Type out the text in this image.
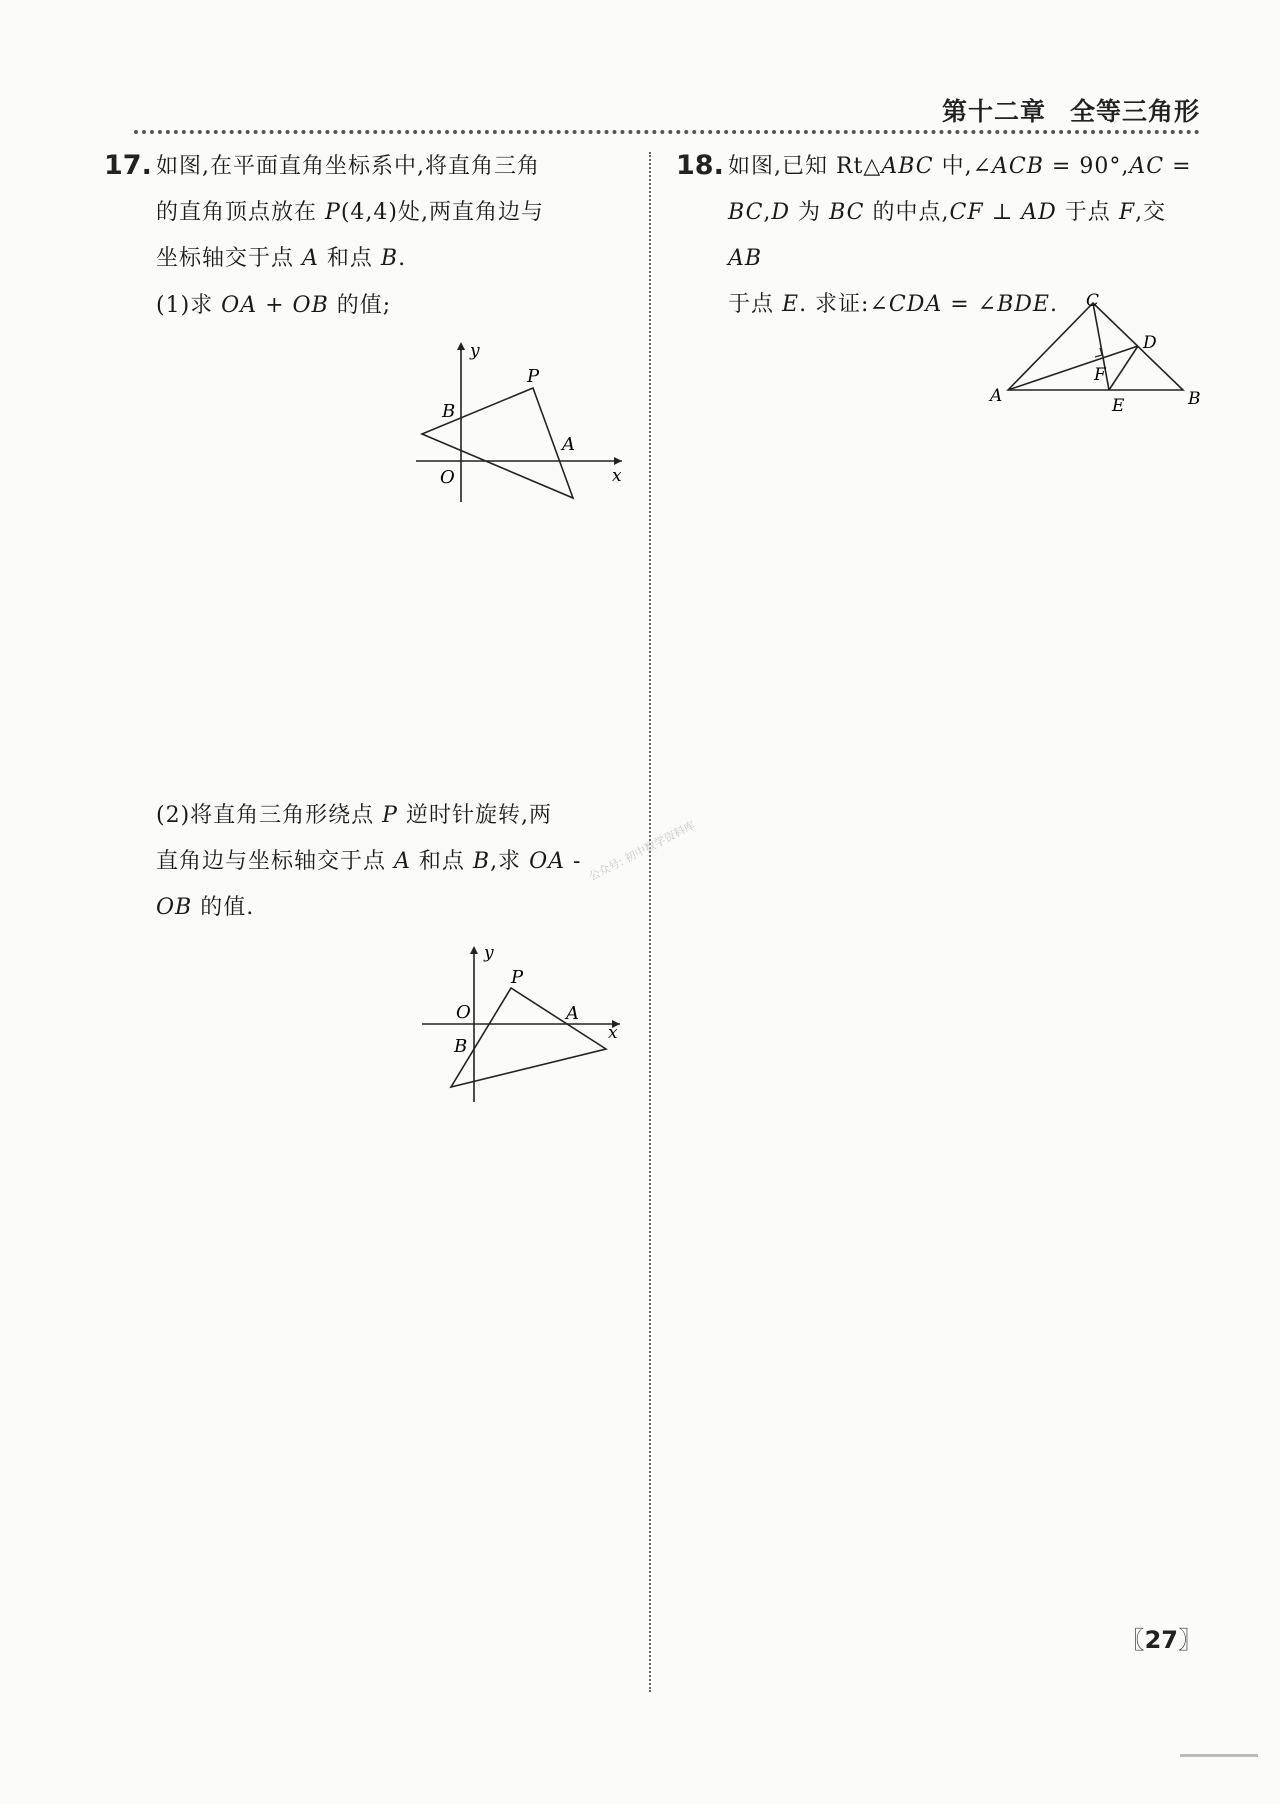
第十二章 全等三角形
17. 如图,在平面直角坐标系中,将直角三角
的直角顶点放在 P(4,4)处,两直角边与
坐标轴交于点 A 和点 B.
(1)求 OA + OB 的值;
y
x
O
P
B
A
(2)将直角三角形绕点 P 逆时针旋转,两
直角边与坐标轴交于点 A 和点 B,求 OA -
OB 的值.
公众号: 初中数学资料库
y
x
O
P
B
A
18. 如图,已知 Rt△ABC 中,∠ACB = 90°,AC =
BC,D 为 BC 的中点,CF ⊥ AD 于点 F,交 AB
于点 E. 求证:∠CDA = ∠BDE.	C
D
F
A	E	B
〖27〗
